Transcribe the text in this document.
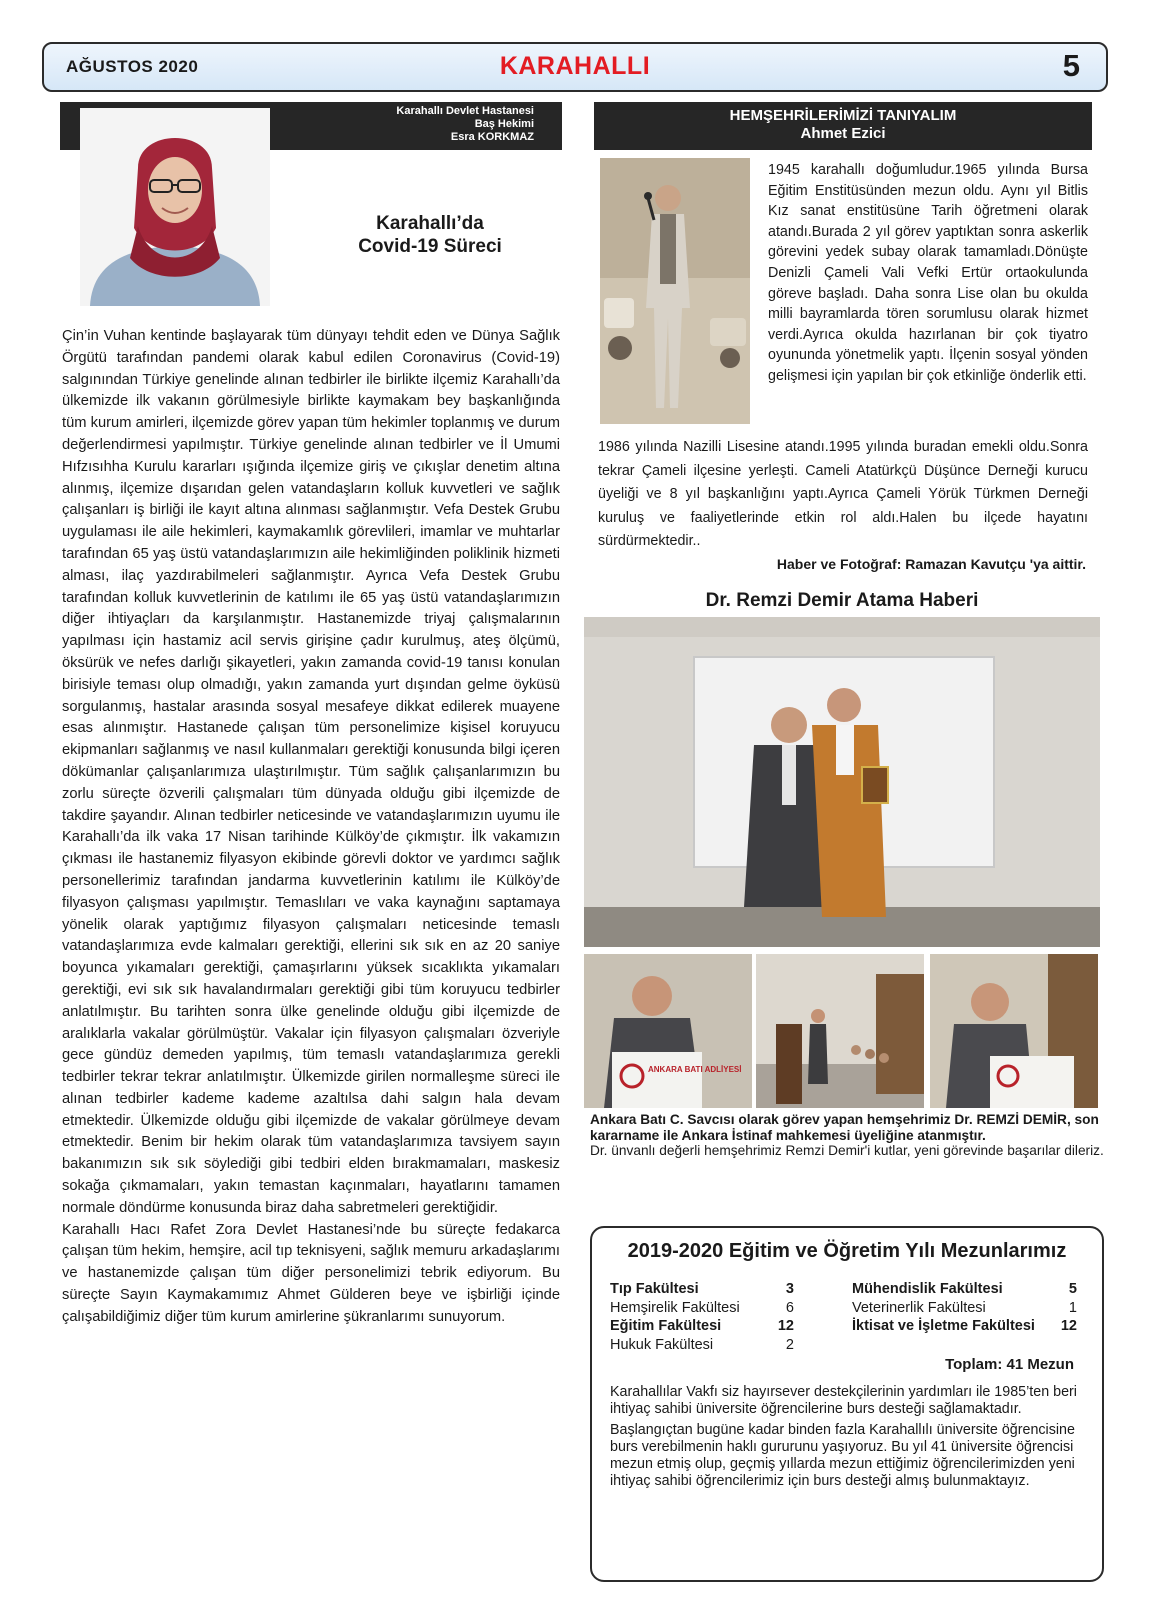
AĞUSTOS 2020	KARAHALLI	5
Karahallı Devlet Hastanesi
Baş Hekimi
Esra KORKMAZ
Karahallı’da
Covid-19 Süreci

Çin’in Vuhan kentinde başlayarak tüm dünyayı tehdit eden ve Dünya Sağlık Örgütü tarafından pandemi olarak kabul edilen Coronavirus (Covid-19) salgınından Türkiye genelinde alınan tedbirler ile birlikte ilçemiz Karahallı’da ülkemizde ilk vakanın görülmesiyle birlikte kaymakam bey başkanlığında tüm kurum amirleri, ilçemizde görev yapan tüm hekimler toplanmış ve durum değerlendirmesi yapılmıştır. Türkiye genelinde alınan tedbirler ve İl Umumi Hıfzısıhha Kurulu kararları ışığında ilçemize giriş ve çıkışlar denetim altına alınmış, ilçemize dışarıdan gelen vatandaşların kolluk kuvvetleri ve sağlık çalışanları iş birliği ile kayıt altına alınması sağlanmıştır. Vefa Destek Grubu uygulaması ile aile hekimleri, kaymakamlık görevlileri, imamlar ve muhtarlar tarafından 65 yaş üstü vatandaşlarımızın aile hekimliğinden poliklinik hizmeti alması, ilaç yazdırabilmeleri sağlanmıştır. Ayrıca Vefa Destek Grubu tarafından kolluk kuvvetlerinin de katılımı ile 65 yaş üstü vatandaşlarımızın diğer ihtiyaçları da karşılanmıştır. Hastanemizde triyaj çalışmalarının yapılması için hastamiz acil servis girişine çadır kurulmuş, ateş ölçümü, öksürük ve nefes darlığı şikayetleri, yakın zamanda covid-19 tanısı konulan birisiyle teması olup olmadığı, yakın zamanda yurt dışından gelme öyküsü sorgulanmış, hastalar arasında sosyal mesafeye dikkat edilerek muayene esas alınmıştır. Hastanede çalışan tüm personelimize kişisel koruyucu ekipmanları sağlanmış ve nasıl kullanmaları gerektiği konusunda bilgi içeren dökümanlar çalışanlarımıza ulaştırılmıştır. Tüm sağlık çalışanlarımızın bu zorlu süreçte özverili çalışmaları tüm dünyada olduğu gibi ilçemizde de takdire şayandır. Alınan tedbirler neticesinde ve vatandaşlarımızın uyumu ile Karahallı’da ilk vaka 17 Nisan tarihinde Külköy’de çıkmıştır. İlk vakamızın çıkması ile hastanemiz filyasyon ekibinde görevli doktor ve yardımcı sağlık personellerimiz tarafından jandarma kuvvetlerinin katılımı ile Külköy’de filyasyon çalışması yapılmıştır. Temaslıları ve vaka kaynağını saptamaya yönelik olarak yaptığımız filyasyon çalışmaları neticesinde temaslı vatandaşlarımıza evde kalmaları gerektiği, ellerini sık sık en az 20 saniye boyunca yıkamaları gerektiği, çamaşırlarını yüksek sıcaklıkta yıkamaları gerektiği, evi sık sık havalandırmaları gerektiği gibi tüm koruyucu tedbirler anlatılmıştır. Bu tarihten sonra ülke genelinde olduğu gibi ilçemizde de aralıklarla vakalar görülmüştür. Vakalar için filyasyon çalışmaları özveriyle gece gündüz demeden yapılmış, tüm temaslı vatandaşlarımıza gerekli tedbirler tekrar tekrar anlatılmıştır. Ülkemizde girilen normalleşme süreci ile alınan tedbirler kademe kademe azaltılsa dahi salgın hala devam etmektedir. Ülkemizde olduğu gibi ilçemizde de vakalar görülmeye devam etmektedir. Benim bir hekim olarak tüm vatandaşlarımıza tavsiyem sayın bakanımızın sık sık söylediği gibi tedbiri elden bırakmamaları, maskesiz sokağa çıkmamaları, yakın temastan kaçınmaları, hayatlarını tamamen normale döndürme konusunda biraz daha sabretmeleri gerektiğidir.

Karahallı Hacı Rafet Zora Devlet Hastanesi’nde bu süreçte fedakarca çalışan tüm hekim, hemşire, acil tıp teknisyeni, sağlık memuru arkadaşlarımı ve hastanemizde çalışan tüm diğer personelimizi tebrik ediyorum. Bu süreçte Sayın Kaymakamımız Ahmet Gülderen beye ve işbirliği içinde çalışabildiğimiz diğer tüm kurum amirlerine şükranlarımı sunuyorum.

HEMŞEHRİLERİMİZİ TANIYALIM
Ahmet Ezici
1945 karahallı doğumludur.1965 yılında Bursa Eğitim Enstitüsünden mezun oldu. Aynı yıl Bitlis Kız sanat enstitüsüne Tarih öğretmeni olarak atandı.Burada 2 yıl görev yaptıktan sonra askerlik görevini yedek subay olarak tamamladı.Dönüşte Denizli Çameli Vali Vefki Ertür ortaokulunda göreve başladı. Daha sonra Lise olan bu okulda milli bayramlarda tören sorumlusu olarak hizmet verdi.Ayrıca okulda hazırlanan bir çok tiyatro oyununda yönetmelik yaptı. İlçenin sosyal yönden gelişmesi için yapılan bir çok etkinliğe önderlik etti.
1986 yılında Nazilli Lisesine atandı.1995 yılında buradan emekli oldu.Sonra tekrar Çameli ilçesine yerleşti. Cameli Atatürkçü Düşünce Derneği kurucu üyeliği ve 8 yıl başkanlığını yaptı.Ayrıca Çameli Yörük Türkmen Derneği kuruluş ve faaliyetlerinde etkin rol aldı.Halen bu ilçede hayatını sürdürmektedir..
Haber ve Fotoğraf: Ramazan Kavutçu 'ya aittir.
Dr. Remzi Demir Atama Haberi
ANKARA BATI ADLİYESİ
Ankara Batı C. Savcısı olarak görev yapan hemşehrimiz Dr. REMZİ DEMİR, son kararname ile Ankara İstinaf mahkemesi üyeliğine atanmıştır.
Dr. ünvanlı değerli hemşehrimiz Remzi Demir'i kutlar, yeni görevinde başarılar dileriz.
2019-2020 Eğitim ve Öğretim Yılı Mezunlarımız
Tıp Fakültesi	3
Hemşirelik Fakültesi	6
Eğitim Fakültesi	12
Hukuk Fakültesi	2
Mühendislik Fakültesi	5
Veterinerlik Fakültesi	1
İktisat ve İşletme Fakültesi 12
Toplam: 41 Mezun

Karahallılar Vakfı siz hayırsever destekçilerinin yardımları ile 1985’ten beri ihtiyaç sahibi üniversite öğrencilerine burs desteği sağlamaktadır.

Başlangıçtan bugüne kadar binden fazla Karahallılı üniversite öğrencisine burs verebilmenin haklı gururunu yaşıyoruz. Bu yıl 41 üniversite öğrencisi mezun etmiş olup, geçmiş yıllarda mezun ettiğimiz öğrencilerimizden yeni ihtiyaç sahibi öğrencilerimiz için burs desteği almış bulunmaktayız.
